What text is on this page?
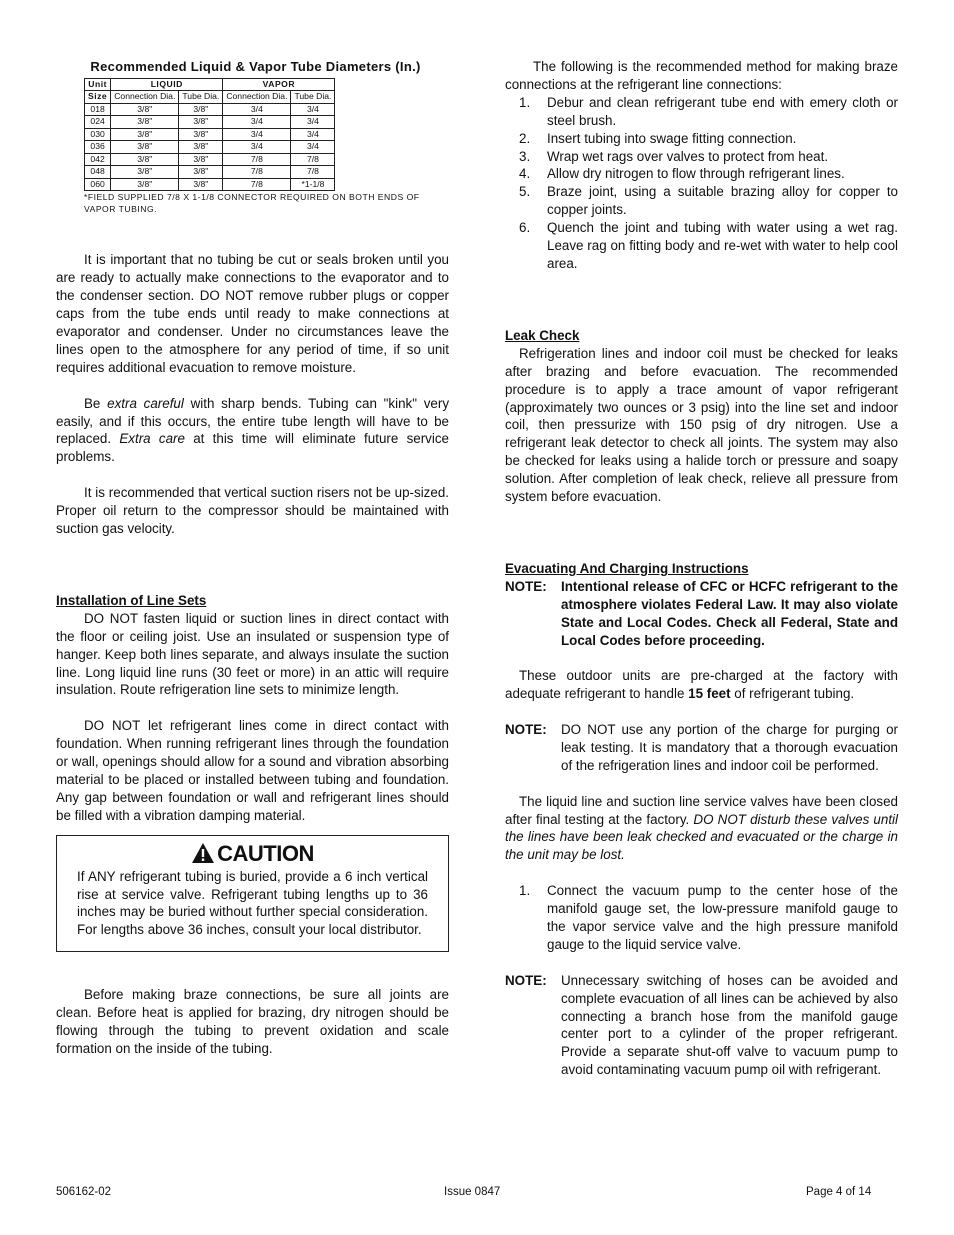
Recommended Liquid & Vapor Tube Diameters (In.)
Unit	LIQUID		VAPOR	
Size	Connection Dia.	Tube Dia.	Connection Dia.	Tube Dia.
018	3/8"	3/8"	3/4	3/4
024	3/8"	3/8"	3/4	3/4
030	3/8"	3/8"	3/4	3/4
036	3/8"	3/8"	3/4	3/4
042	3/8"	3/8"	7/8	7/8
048	3/8"	3/8"	7/8	7/8
060	3/8"	3/8"	7/8	*1-1/8
*FIELD SUPPLIED 7/8 X 1-1/8 CONNECTOR REQUIRED ON BOTH ENDS OF VAPOR TUBING.

It is important that no tubing be cut or seals broken until you are ready to actually make connections to the evaporator and to the condenser section. DO NOT remove rubber plugs or copper caps from the tube ends until ready to make connections at evaporator and condenser. Under no circumstances leave the lines open to the atmosphere for any period of time, if so unit requires additional evacuation to remove moisture.

Be extra careful with sharp bends. Tubing can "kink" very easily, and if this occurs, the entire tube length will have to be replaced. Extra care at this time will eliminate future service problems.

It is recommended that vertical suction risers not be up-sized. Proper oil return to the compressor should be maintained with suction gas velocity.

Installation of Line Sets

DO NOT fasten liquid or suction lines in direct contact with the floor or ceiling joist. Use an insulated or suspension type of hanger. Keep both lines separate, and always insulate the suction line. Long liquid line runs (30 feet or more) in an attic will require insulation. Route refrigeration line sets to minimize length.

DO NOT let refrigerant lines come in direct contact with foundation. When running refrigerant lines through the foundation or wall, openings should allow for a sound and vibration absorbing material to be placed or installed between tubing and foundation. Any gap between foundation or wall and refrigerant lines should be filled with a vibration damping material.

CAUTION

If ANY refrigerant tubing is buried, provide a 6 inch vertical rise at service valve. Refrigerant tubing lengths up to 36 inches may be buried without further special consideration. For lengths above 36 inches, consult your local distributor.

Before making braze connections, be sure all joints are clean. Before heat is applied for brazing, dry nitrogen should be flowing through the tubing to prevent oxidation and scale formation on the inside of the tubing.

The following is the recommended method for making braze connections at the refrigerant line connections:

1. Debur and clean refrigerant tube end with emery cloth or steel brush.
2. Insert tubing into swage fitting connection.
3. Wrap wet rags over valves to protect from heat.
4. Allow dry nitrogen to flow through refrigerant lines.
5. Braze joint, using a suitable brazing alloy for copper to copper joints.
6. Quench the joint and tubing with water using a wet rag. Leave rag on fitting body and re-wet with water to help cool area.
Leak Check

Refrigeration lines and indoor coil must be checked for leaks after brazing and before evacuation. The recommended procedure is to apply a trace amount of vapor refrigerant (approximately two ounces or 3 psig) into the line set and indoor coil, then pressurize with 150 psig of dry nitrogen. Use a refrigerant leak detector to check all joints. The system may also be checked for leaks using a halide torch or pressure and soapy solution. After completion of leak check, relieve all pressure from system before evacuation.

Evacuating And Charging Instructions
NOTE:	Intentional release of CFC or HCFC refrigerant to the atmosphere violates Federal Law. It may also violate State and Local Codes. Check all Federal, State and Local Codes before proceeding.

These outdoor units are pre-charged at the factory with adequate refrigerant to handle 15 feet of refrigerant tubing.

NOTE:	DO NOT use any portion of the charge for purging or leak testing. It is mandatory that a thorough evacuation of the refrigeration lines and indoor coil be performed.

The liquid line and suction line service valves have been closed after final testing at the factory. DO NOT disturb these valves until the lines have been leak checked and evacuated or the charge in the unit may be lost.

1. Connect the vacuum pump to the center hose of the manifold gauge set, the low-pressure manifold gauge to the vapor service valve and the high pressure manifold gauge to the liquid service valve.
NOTE:	Unnecessary switching of hoses can be avoided and complete evacuation of all lines can be achieved by also connecting a branch hose from the manifold gauge center port to a cylinder of the proper refrigerant. Provide a separate shut-off valve to vacuum pump to avoid contaminating vacuum pump oil with refrigerant.
506162-02	Issue 0847	Page 4 of 14
